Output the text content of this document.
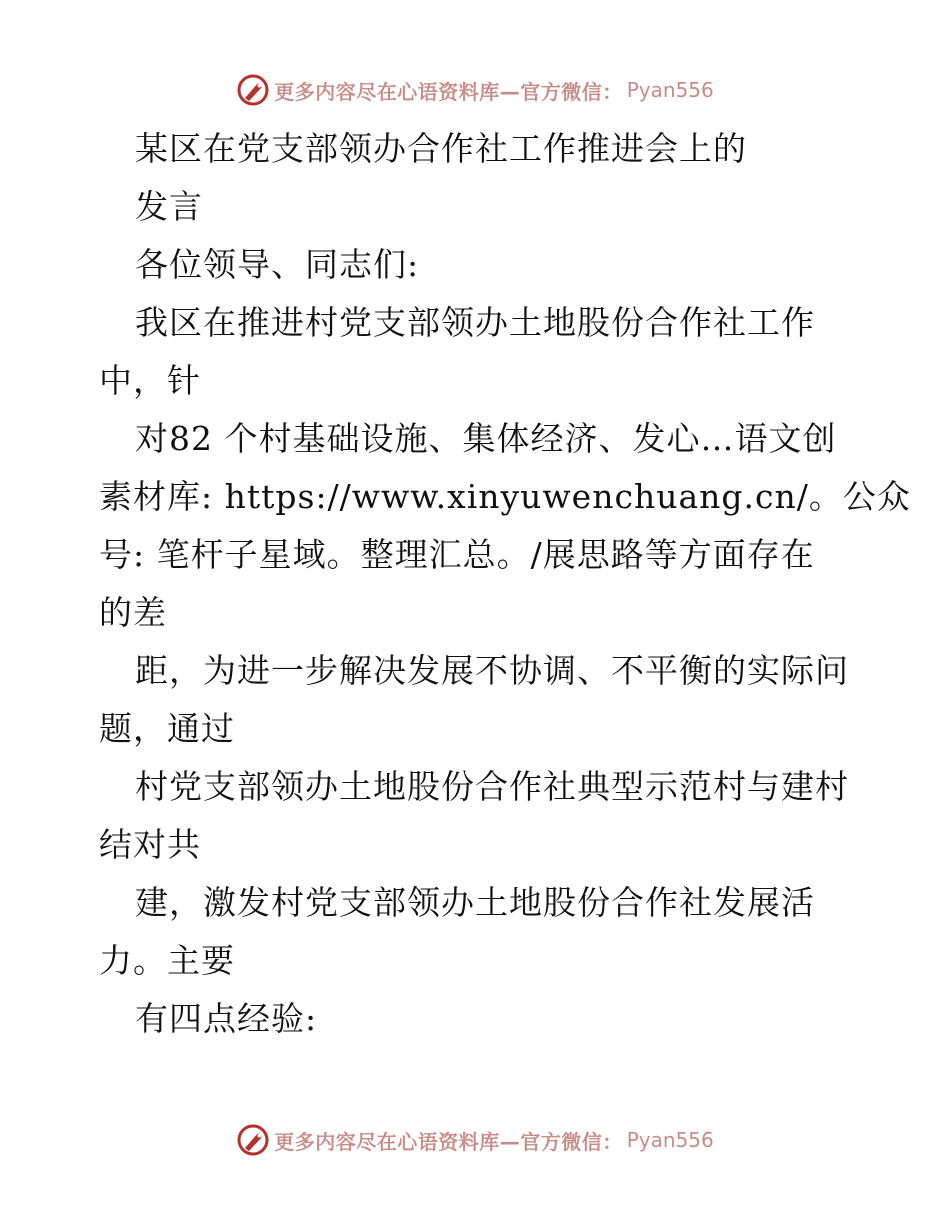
更多内容尽在心语资料库—官方微信： Pyan556
某区在党支部领办合作社工作推进会上的
发言
各位领导、同志们:
我区在推进村党支部领办土地股份合作社工作
中，针
对82 个村基础设施、集体经济、发心…语文创
素材库: https://www.xinyuwenchuang.cn/。公众
号: 笔杆子星域。整理汇总。/展思路等方面存在
的差
距，为进一步解决发展不协调、不平衡的实际问
题，通过
村党支部领办土地股份合作社典型示范村与建村
结对共
建，激发村党支部领办土地股份合作社发展活
力。主要
有四点经验:
更多内容尽在心语资料库—官方微信： Pyan556
